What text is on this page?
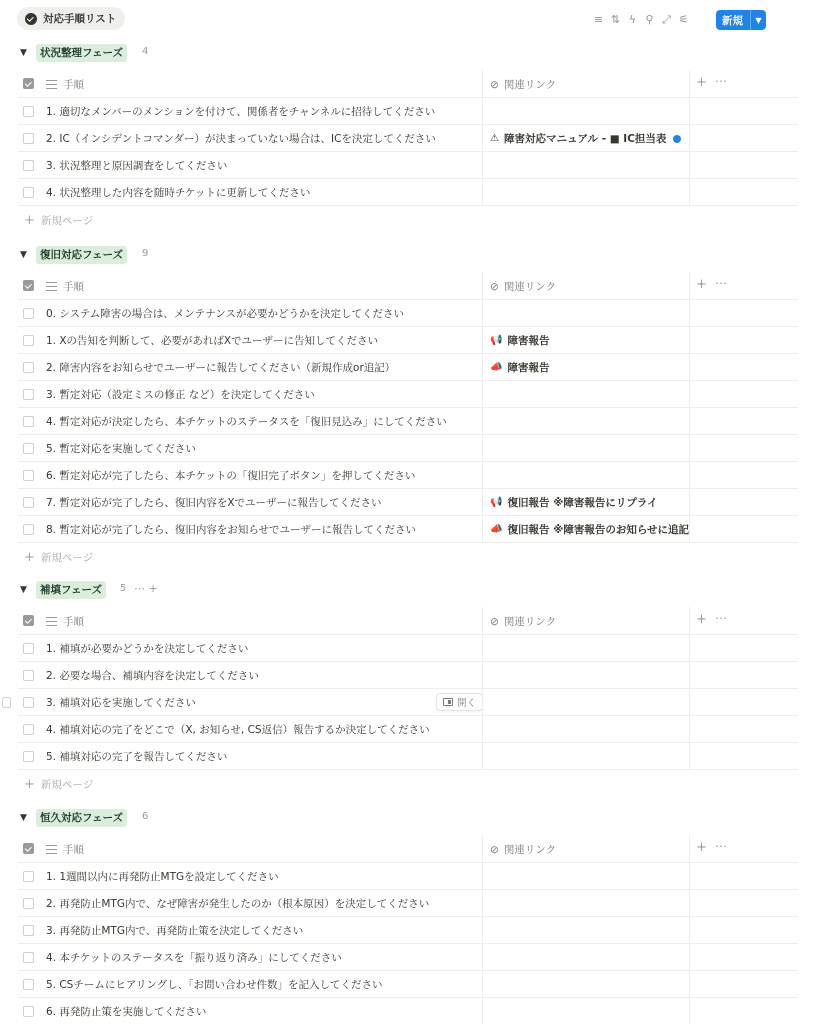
対応手順リスト	≡ ⇅ ϟ ⚲ ⤢ ⚟	新規	▼
▼	状況整理フェーズ	4
手順	⊘ 関連リンク	+ ⋯
1. 適切なメンバーのメンションを付けて、関係者をチャンネルに招待してください
2. IC（インシデントコマンダー）が決まっていない場合は、ICを決定してください	⚠ 障害対応マニュアル - ■ IC担当表
3. 状況整理と原因調査をしてください
4. 状況整理した内容を随時チケットに更新してください
+ 新規ページ
▼	復旧対応フェーズ	9
手順	⊘ 関連リンク	+ ⋯
0. システム障害の場合は、メンテナンスが必要かどうかを決定してください
1. Xの告知を判断して、必要があればXでユーザーに告知してください	📢 障害報告
2. 障害内容をお知らせでユーザーに報告してください（新規作成or追記）	📣 障害報告
3. 暫定対応（設定ミスの修正 など）を決定してください
4. 暫定対応が決定したら、本チケットのステータスを「復旧見込み」にしてください
5. 暫定対応を実施してください
6. 暫定対応が完了したら、本チケットの「復旧完了ボタン」を押してください
7. 暫定対応が完了したら、復旧内容をXでユーザーに報告してください	📢 復旧報告 ※障害報告にリプライ
8. 暫定対応が完了したら、復旧内容をお知らせでユーザーに報告してください	📣 復旧報告 ※障害報告のお知らせに追記
+ 新規ページ
▼	補填フェーズ	5 ⋯ +
手順	⊘ 関連リンク	+ ⋯
1. 補填が必要かどうかを決定してください
2. 必要な場合、補填内容を決定してください
3. 補填対応を実施してください	開く
4. 補填対応の完了をどこで（X, お知らせ, CS返信）報告するか決定してください
5. 補填対応の完了を報告してください
+ 新規ページ
▼	恒久対応フェーズ	6
手順	⊘ 関連リンク	+ ⋯
1. 1週間以内に再発防止MTGを設定してください
2. 再発防止MTG内で、なぜ障害が発生したのか（根本原因）を決定してください
3. 再発防止MTG内で、再発防止策を決定してください
4. 本チケットのステータスを「振り返り済み」にしてください
5. CSチームにヒアリングし、「お問い合わせ件数」を記入してください
6. 再発防止策を実施してください
